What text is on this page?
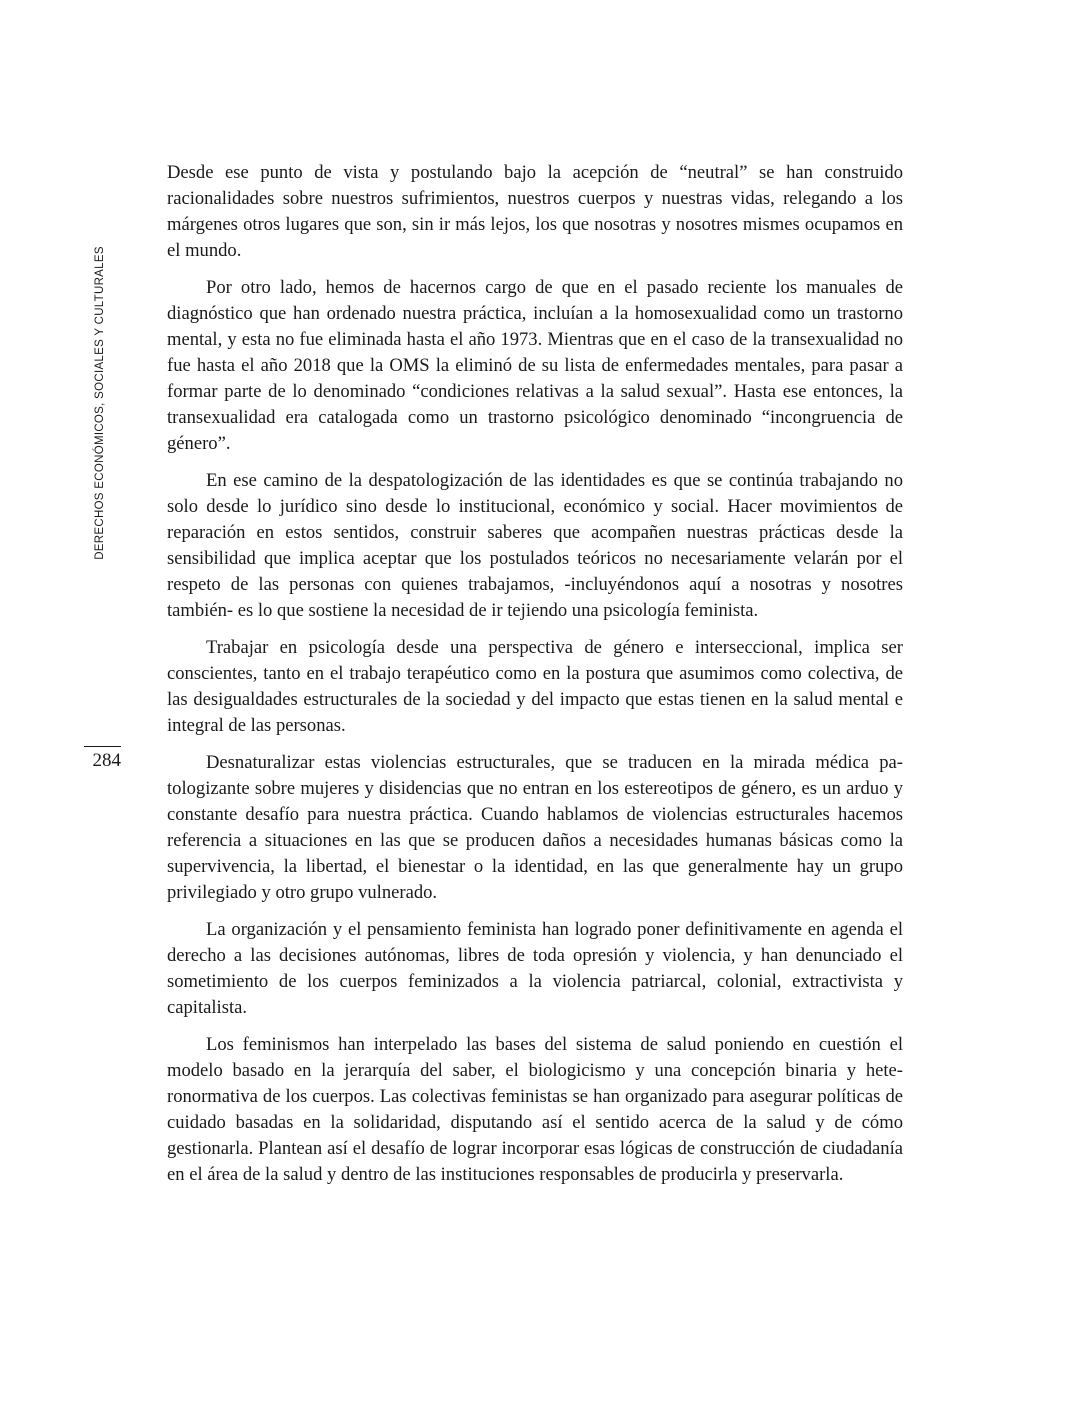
DERECHOS ECONÓMICOS, SOCIALES Y CULTURALES
284

Desde ese punto de vista y postulando bajo la acepción de “neutral” se han construido racionalidades sobre nuestros sufrimientos, nuestros cuerpos y nuestras vidas, relegando a los márgenes otros lugares que son, sin ir más lejos, los que nosotras y nosotres mismes ocupamos en el mundo.

Por otro lado, hemos de hacernos cargo de que en el pasado reciente los manuales de diagnóstico que han ordenado nuestra práctica, incluían a la homosexualidad como un trastorno mental, y esta no fue eliminada hasta el año 1973. Mientras que en el caso de la transexualidad no fue hasta el año 2018 que la OMS la eliminó de su lista de enfermedades mentales, para pasar a formar parte de lo denominado “condiciones relativas a la salud sexual”. Hasta ese entonces, la transexualidad era catalogada como un trastorno psicológico denominado “incongruencia de género”.

En ese camino de la despatologización de las identidades es que se continúa trabajando no solo desde lo jurídico sino desde lo institucional, económico y social. Hacer movimientos de reparación en estos sentidos, construir saberes que acompañen nuestras prácticas desde la sensibilidad que implica aceptar que los postulados teóricos no necesariamente velarán por el respeto de las personas con quienes trabajamos, -incluyéndonos aquí a nosotras y nosotres también- es lo que sostiene la necesidad de ir tejiendo una psicología feminista.

Trabajar en psicología desde una perspectiva de género e interseccional, implica ser conscientes, tanto en el trabajo terapéutico como en la postura que asumimos como colectiva, de las desigualdades estructurales de la sociedad y del impacto que estas tienen en la salud mental e integral de las personas.

Desnaturalizar estas violencias estructurales, que se traducen en la mirada médica patologizante sobre mujeres y disidencias que no entran en los estereotipos de género, es un arduo y constante desafío para nuestra práctica. Cuando hablamos de violencias estructurales hacemos referencia a situaciones en las que se producen daños a necesidades humanas básicas como la supervivencia, la libertad, el bienestar o la identidad, en las que generalmente hay un grupo privilegiado y otro grupo vulnerado.

La organización y el pensamiento feminista han logrado poner definitivamente en agenda el derecho a las decisiones autónomas, libres de toda opresión y violencia, y han denunciado el sometimiento de los cuerpos feminizados a la violencia patriarcal, colonial, extractivista y capitalista.

Los feminismos han interpelado las bases del sistema de salud poniendo en cuestión el modelo basado en la jerarquía del saber, el biologicismo y una concepción binaria y heteronormativa de los cuerpos. Las colectivas feministas se han organizado para asegurar políticas de cuidado basadas en la solidaridad, disputando así el sentido acerca de la salud y de cómo gestionarla. Plantean así el desafío de lograr incorporar esas lógicas de construcción de ciudadanía en el área de la salud y dentro de las instituciones responsables de producirla y preservarla.
